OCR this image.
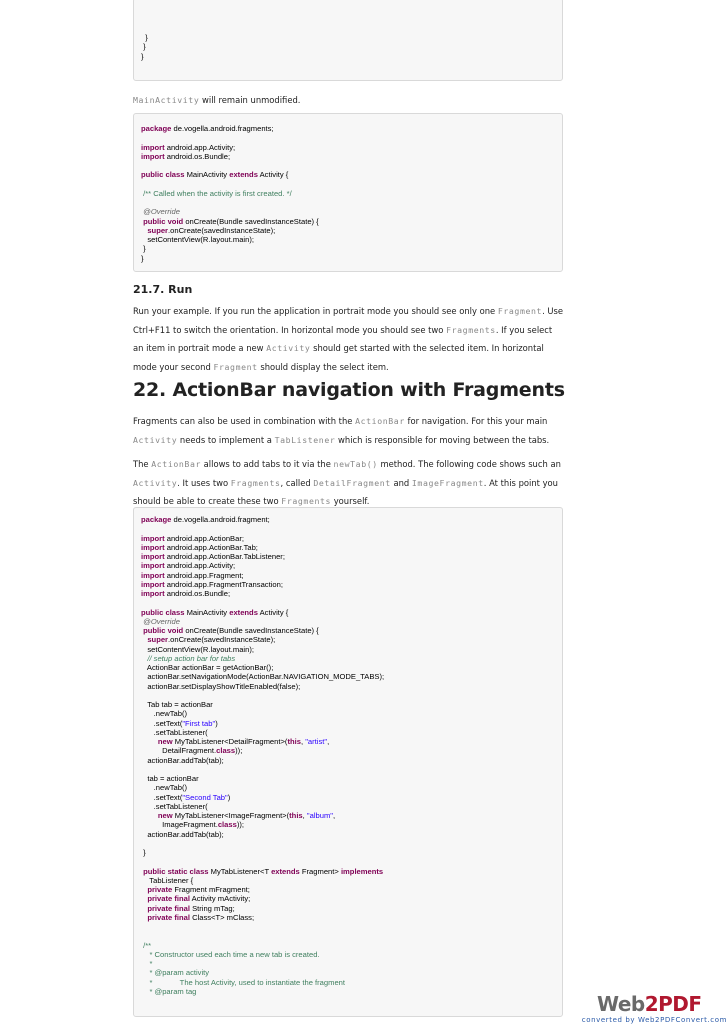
}
}
}
MainActivity will remain unmodified.
package de.vogella.android.fragments;
import android.app.Activity;
import android.os.Bundle;
public class MainActivity extends Activity {
/** Called when the activity is first created. */
@Override
public void onCreate(Bundle savedInstanceState) {
super.onCreate(savedInstanceState);
setContentView(R.layout.main);
}
}
21.7. Run
Run your example. If you run the application in portrait mode you should see only one Fragment. Use Ctrl+F11 to switch the orientation. In horizontal mode you should see two Fragments. If you select an item in portrait mode a new Activity should get started with the selected item. In horizontal mode your second Fragment should display the select item.
22. ActionBar navigation with Fragments
Fragments can also be used in combination with the ActionBar for navigation. For this your main Activity needs to implement a TabListener which is responsible for moving between the tabs.
The ActionBar allows to add tabs to it via the newTab() method. The following code shows such an Activity. It uses two Fragments, called DetailFragment and ImageFragment. At this point you should be able to create these two Fragments yourself.
package de.vogella.android.fragment;
import android.app.ActionBar;
import android.app.ActionBar.Tab;
import android.app.ActionBar.TabListener;
import android.app.Activity;
import android.app.Fragment;
import android.app.FragmentTransaction;
import android.os.Bundle;
public class MainActivity extends Activity {
@Override
public void onCreate(Bundle savedInstanceState) {
super.onCreate(savedInstanceState);
setContentView(R.layout.main);
// setup action bar for tabs
ActionBar actionBar = getActionBar();
actionBar.setNavigationMode(ActionBar.NAVIGATION_MODE_TABS);
actionBar.setDisplayShowTitleEnabled(false);
Tab tab = actionBar
.newTab()
.setText("First tab")
.setTabListener(
new MyTabListener<DetailFragment>(this, "artist",
DetailFragment.class));
actionBar.addTab(tab);
tab = actionBar
.newTab()
.setText("Second Tab")
.setTabListener(
new MyTabListener<ImageFragment>(this, "album",
ImageFragment.class));
actionBar.addTab(tab);
}
public static class MyTabListener<T extends Fragment> implements
TabListener {
private Fragment mFragment;
private final Activity mActivity;
private final String mTag;
private final Class<T> mClass;
/**
* Constructor used each time a new tab is created.
*
* @param activity
*             The host Activity, used to instantiate the fragment
* @param tag
Web2PDF
converted by Web2PDFConvert.com
